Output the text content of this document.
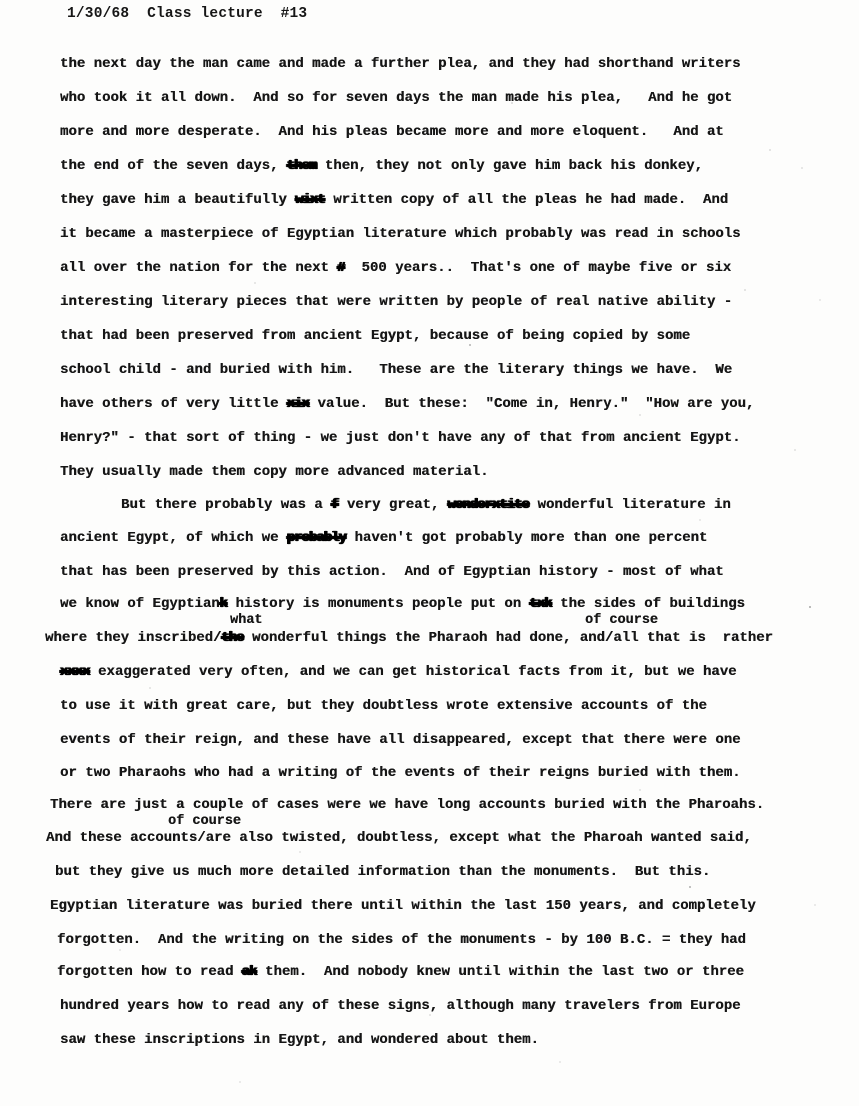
1/30/68  Class lecture  #13
the next day the man came and made a further plea, and they had shorthand writers
who took it all down.  And so for seven days the man made his plea,   And he got
more and more desperate.  And his pleas became more and more eloquent.   And at
the end of the seven days, them then, they not only gave him back his donkey,
they gave him a beautifully wixt written copy of all the pleas he had made.  And
it became a masterpiece of Egyptian literature which probably was read in schools
all over the nation for the next #  500 years..  That's one of maybe five or six
interesting literary pieces that were written by people of real native ability -
that had been preserved from ancient Egypt, because of being copied by some
school child - and buried with him.   These are the literary things we have.  We
have others of very little xix value.  But these:  "Come in, Henry."  "How are you,
Henry?" - that sort of thing - we just don't have any of that from ancient Egypt.
They usually made them copy more advanced material.
But there probably was a f very great, wonderxtite wonderful literature in
ancient Egypt, of which we probably haven't got probably more than one percent
that has been preserved by this action.  And of Egyptian history - most of what
we know of Egyptiank history is monuments people put on txk the sides of buildings
what	of course
where they inscribed/the wonderful things the Pharaoh had done, and/all that is  rather
xxxx exaggerated very often, and we can get historical facts from it, but we have
to use it with great care, but they doubtless wrote extensive accounts of the
events of their reign, and these have all disappeared, except that there were one
or two Pharaohs who had a writing of the events of their reigns buried with them.
There are just a couple of cases were we have long accounts buried with the Pharoahs.
of course
And these accounts/are also twisted, doubtless, except what the Pharoah wanted said,
but they give us much more detailed information than the monuments.  But this.
Egyptian literature was buried there until within the last 150 years, and completely
forgotten.  And the writing on the sides of the monuments - by 100 B.C. = they had
forgotten how to read ak them.  And nobody knew until within the last two or three
hundred years how to read any of these signs, although many travelers from Europe
saw these inscriptions in Egypt, and wondered about them.
